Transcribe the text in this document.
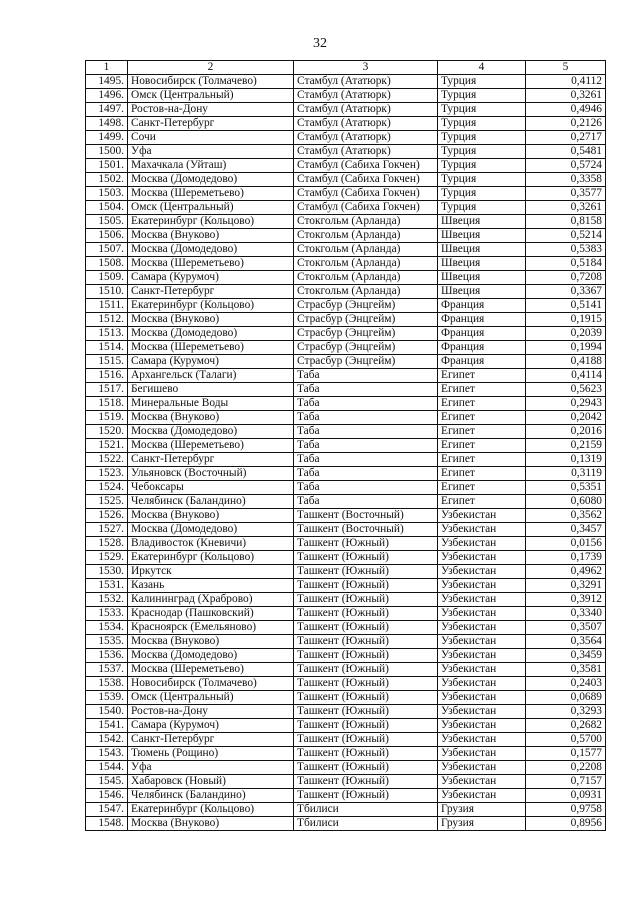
32
1	2	3	4	5
1495.	Новосибирск (Толмачево)	Стамбул (Ататюрк)	Турция	0,4112
1496.	Омск (Центральный)	Стамбул (Ататюрк)	Турция	0,3261
1497.	Ростов-на-Дону	Стамбул (Ататюрк)	Турция	0,4946
1498.	Санкт-Петербург	Стамбул (Ататюрк)	Турция	0,2126
1499.	Сочи	Стамбул (Ататюрк)	Турция	0,2717
1500.	Уфа	Стамбул (Ататюрк)	Турция	0,5481
1501.	Махачкала (Уйташ)	Стамбул (Сабиха Гокчен)	Турция	0,5724
1502.	Москва (Домодедово)	Стамбул (Сабиха Гокчен)	Турция	0,3358
1503.	Москва (Шереметьево)	Стамбул (Сабиха Гокчен)	Турция	0,3577
1504.	Омск (Центральный)	Стамбул (Сабиха Гокчен)	Турция	0,3261
1505.	Екатеринбург (Кольцово)	Стокгольм (Арланда)	Швеция	0,8158
1506.	Москва (Внуково)	Стокгольм (Арланда)	Швеция	0,5214
1507.	Москва (Домодедово)	Стокгольм (Арланда)	Швеция	0,5383
1508.	Москва (Шереметьево)	Стокгольм (Арланда)	Швеция	0,5184
1509.	Самара (Курумоч)	Стокгольм (Арланда)	Швеция	0,7208
1510.	Санкт-Петербург	Стокгольм (Арланда)	Швеция	0,3367
1511.	Екатеринбург (Кольцово)	Страсбур (Энцгейм)	Франция	0,5141
1512.	Москва (Внуково)	Страсбур (Энцгейм)	Франция	0,1915
1513.	Москва (Домодедово)	Страсбур (Энцгейм)	Франция	0,2039
1514.	Москва (Шереметьево)	Страсбур (Энцгейм)	Франция	0,1994
1515.	Самара (Курумоч)	Страсбур (Энцгейм)	Франция	0,4188
1516.	Архангельск (Талаги)	Таба	Египет	0,4114
1517.	Бегишево	Таба	Египет	0,5623
1518.	Минеральные Воды	Таба	Египет	0,2943
1519.	Москва (Внуково)	Таба	Египет	0,2042
1520.	Москва (Домодедово)	Таба	Египет	0,2016
1521.	Москва (Шереметьево)	Таба	Египет	0,2159
1522.	Санкт-Петербург	Таба	Египет	0,1319
1523.	Ульяновск (Восточный)	Таба	Египет	0,3119
1524.	Чебоксары	Таба	Египет	0,5351
1525.	Челябинск (Баландино)	Таба	Египет	0,6080
1526.	Москва (Внуково)	Ташкент (Восточный)	Узбекистан	0,3562
1527.	Москва (Домодедово)	Ташкент (Восточный)	Узбекистан	0,3457
1528.	Владивосток (Кневичи)	Ташкент (Южный)	Узбекистан	0,0156
1529.	Екатеринбург (Кольцово)	Ташкент (Южный)	Узбекистан	0,1739
1530.	Иркутск	Ташкент (Южный)	Узбекистан	0,4962
1531.	Казань	Ташкент (Южный)	Узбекистан	0,3291
1532.	Калининград (Храброво)	Ташкент (Южный)	Узбекистан	0,3912
1533.	Краснодар (Пашковский)	Ташкент (Южный)	Узбекистан	0,3340
1534.	Красноярск (Емельяново)	Ташкент (Южный)	Узбекистан	0,3507
1535.	Москва (Внуково)	Ташкент (Южный)	Узбекистан	0,3564
1536.	Москва (Домодедово)	Ташкент (Южный)	Узбекистан	0,3459
1537.	Москва (Шереметьево)	Ташкент (Южный)	Узбекистан	0,3581
1538.	Новосибирск (Толмачево)	Ташкент (Южный)	Узбекистан	0,2403
1539.	Омск (Центральный)	Ташкент (Южный)	Узбекистан	0,0689
1540.	Ростов-на-Дону	Ташкент (Южный)	Узбекистан	0,3293
1541.	Самара (Курумоч)	Ташкент (Южный)	Узбекистан	0,2682
1542.	Санкт-Петербург	Ташкент (Южный)	Узбекистан	0,5700
1543.	Тюмень (Рощино)	Ташкент (Южный)	Узбекистан	0,1577
1544.	Уфа	Ташкент (Южный)	Узбекистан	0,2208
1545.	Хабаровск (Новый)	Ташкент (Южный)	Узбекистан	0,7157
1546.	Челябинск (Баландино)	Ташкент (Южный)	Узбекистан	0,0931
1547.	Екатеринбург (Кольцово)	Тбилиси	Грузия	0,9758
1548.	Москва (Внуково)	Тбилиси	Грузия	0,8956
